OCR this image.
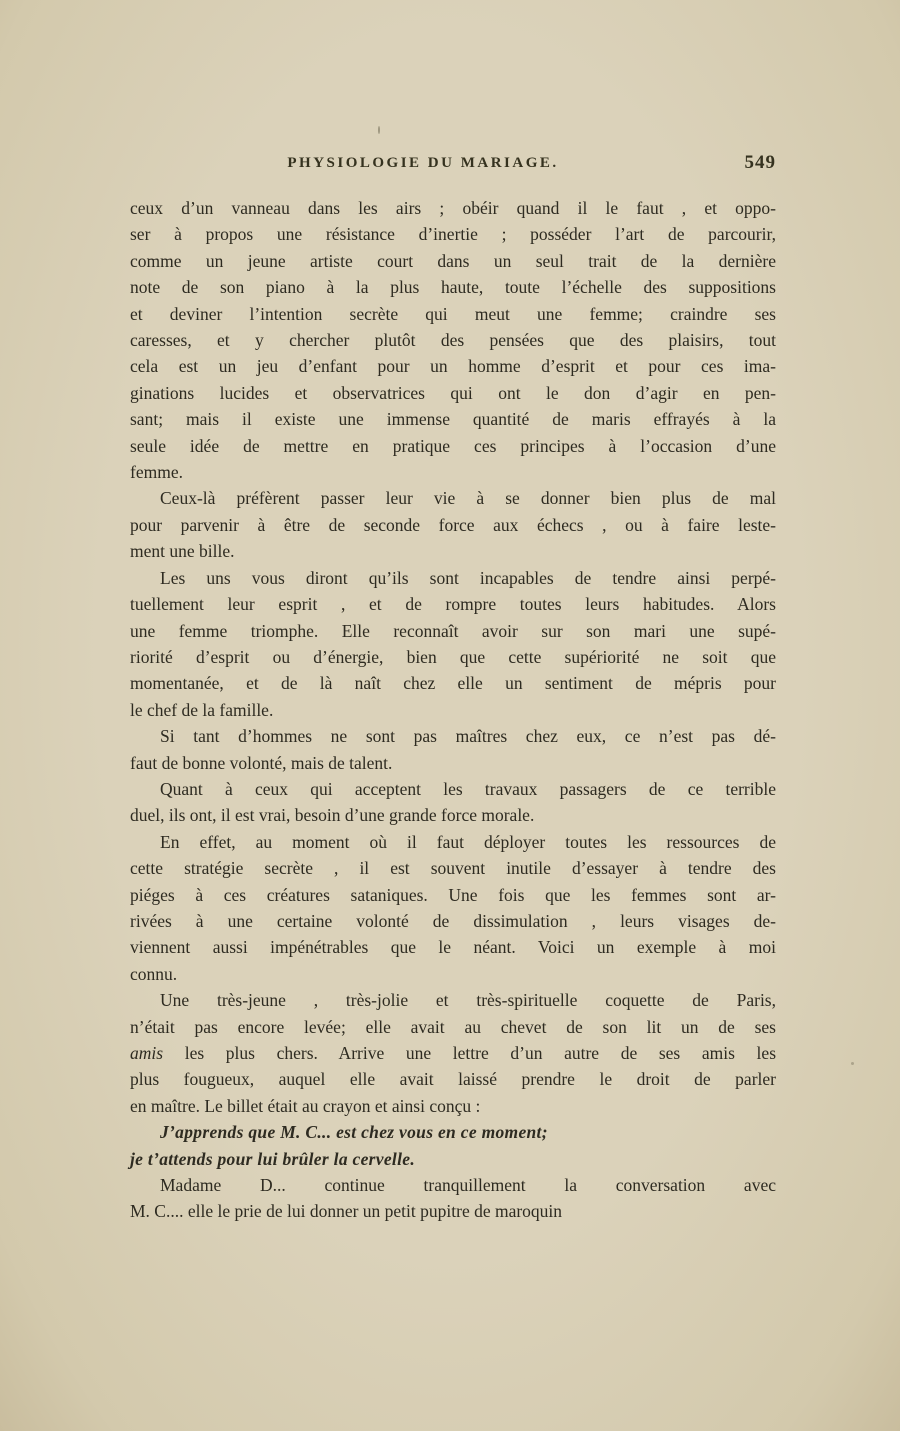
PHYSIOLOGIE DU MARIAGE.	549
ceux d’un vanneau dans les airs ; obéir quand il le faut , et oppo-
ser à propos une résistance d’inertie ; posséder l’art de parcourir,
comme un jeune artiste court dans un seul trait de la dernière
note de son piano à la plus haute, toute l’échelle des suppositions
et deviner l’intention secrète qui meut une femme; craindre ses
caresses, et y chercher plutôt des pensées que des plaisirs, tout
cela est un jeu d’enfant pour un homme d’esprit et pour ces ima-
ginations lucides et observatrices qui ont le don d’agir en pen-
sant; mais il existe une immense quantité de maris effrayés à la
seule idée de mettre en pratique ces principes à l’occasion d’une
femme.
Ceux-là préfèrent passer leur vie à se donner bien plus de mal
pour parvenir à être de seconde force aux échecs , ou à faire leste-
ment une bille.
Les uns vous diront qu’ils sont incapables de tendre ainsi perpé-
tuellement leur esprit , et de rompre toutes leurs habitudes. Alors
une femme triomphe. Elle reconnaît avoir sur son mari une supé-
riorité d’esprit ou d’énergie, bien que cette supériorité ne soit que
momentanée, et de là naît chez elle un sentiment de mépris pour
le chef de la famille.
Si tant d’hommes ne sont pas maîtres chez eux, ce n’est pas dé-
faut de bonne volonté, mais de talent.
Quant à ceux qui acceptent les travaux passagers de ce terrible
duel, ils ont, il est vrai, besoin d’une grande force morale.
En effet, au moment où il faut déployer toutes les ressources de
cette stratégie secrète , il est souvent inutile d’essayer à tendre des
piéges à ces créatures sataniques. Une fois que les femmes sont ar-
rivées à une certaine volonté de dissimulation , leurs visages de-
viennent aussi impénétrables que le néant. Voici un exemple à moi
connu.
Une très-jeune , très-jolie et très-spirituelle coquette de Paris,
n’était pas encore levée; elle avait au chevet de son lit un de ses
amis les plus chers. Arrive une lettre d’un autre de ses amis les
plus fougueux, auquel elle avait laissé prendre le droit de parler
en maître. Le billet était au crayon et ainsi conçu :
J’apprends que M. C... est chez vous en ce moment;
je t’attends pour lui brûler la cervelle.
Madame D... continue tranquillement la conversation avec
M. C.... elle le prie de lui donner un petit pupitre de maroquin
